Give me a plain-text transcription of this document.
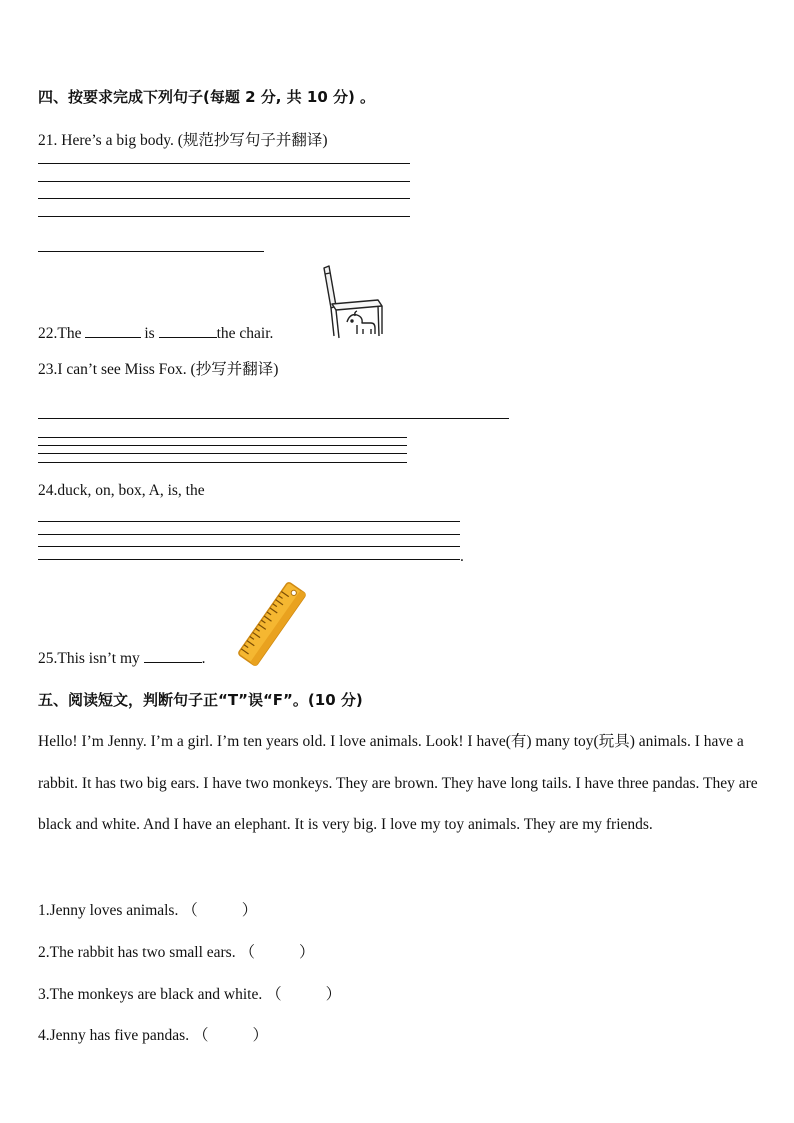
四、按要求完成下列句子(每题 2 分, 共 10 分) 。
21. Here’s a big body. (规范抄写句子并翻译)
22.The	is	the chair.
23.I can’t see Miss Fox. (抄写并翻译)
24.duck, on, box, A, is, the
.
25.This isn’t my	.
五、阅读短文，判断句子正“T”误“F”。(10 分)
Hello! I’m Jenny. I’m a girl. I’m ten years old. I love animals. Look! I have(有) many toy(玩具) animals. I have a rabbit. It has two big ears. I have two monkeys. They are brown. They have long tails. I have three pandas. They are black and white. And I have an elephant. It is very big. I love my toy animals. They are my friends.
1.Jenny loves animals. （	）
2.The rabbit has two small ears. （	）
3.The monkeys are black and white. （	）
4.Jenny has five pandas. （	）
